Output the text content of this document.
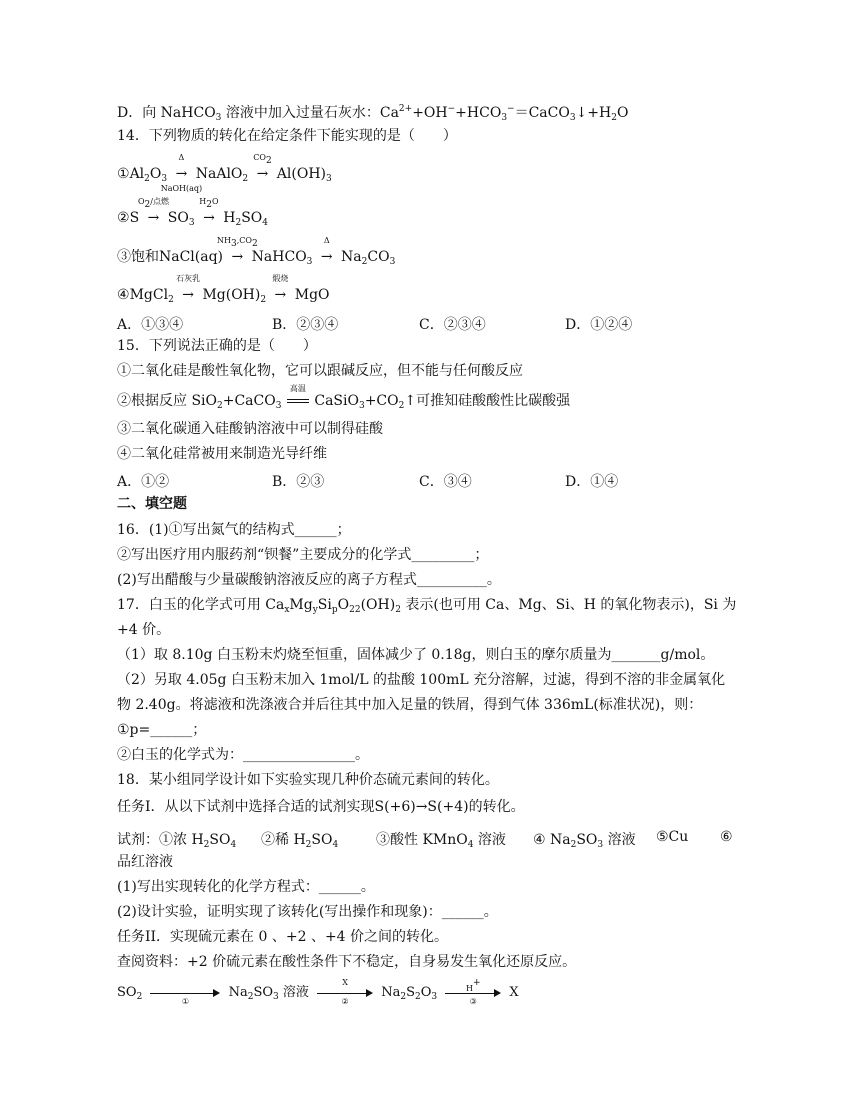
D．向 NaHCO$_3$ 溶液中加入过量石灰水：$Ca^{2+}+OH^-+HCO_3^-=CaCO_3↓+H_2O$
14．下列物质的转化在给定条件下能实现的是（　　）
$①Al_2O_3$
Δ
→
NaOH(aq)
NaAlO$_2$
$CO_2$
→ $Al(OH)_3$
②S
$O_2/$点燃
→ $SO_3$
$H_2O$
→ $H_2SO_4$
③饱和NaCl(aq)
$NH_3,CO_2$
→ NaHCO$_3$
Δ
→ $Na_2CO_3$
④MgCl$_2$
石灰乳
→ $Mg(OH)_2$
煅烧
→ MgO
A．①③④	B．②③④	C．②③④	D．①②④
15．下列说法正确的是（　　）
①二氧化硅是酸性氧化物，它可以跟碱反应，但不能与任何酸反应
②根据反应 SiO$_2$+CaCO$_3$
高温
$CaSiO_3+CO_2↑$可推知硅酸酸性比碳酸强
③二氧化碳通入硅酸钠溶液中可以制得硅酸
④二氧化硅常被用来制造光导纤维
A．①②	B．②③	C．③④	D．①④
二、填空题
16．(1)①写出氮气的结构式______；
②写出医疗用内服药剂“钡餐”主要成分的化学式_________；
(2)写出醋酸与少量碳酸钠溶液反应的离子方程式__________。
17．白玉的化学式可用 $Ca_xMg_ySi_pO_{22}(OH)_2$ 表示(也可用 Ca、Mg、Si、H 的氧化物表示)，Si 为
+4 价。
（1）取 8.10g 白玉粉末灼烧至恒重，固体减少了 0.18g，则白玉的摩尔质量为_______g/mol。
（2）另取 4.05g 白玉粉末加入 1mol/L 的盐酸 100mL 充分溶解，过滤，得到不溶的非金属氧化
物 2.40g。将滤液和洗涤液合并后往其中加入足量的铁屑，得到气体 336mL(标准状况)，则：
①p=______；
②白玉的化学式为：________________。
18．某小组同学设计如下实验实现几种价态硫元素间的转化。
任务I．从以下试剂中选择合适的试剂实现S(+6)→S(+4)的转化。
试剂： ①浓 $H_2SO_4$ ②稀 $H_2SO_4$	③酸性 KMnO$_4$ 溶液 ④ $Na_2SO_3$ 溶液 ⑤Cu ⑥
品红溶液
(1)写出实现转化的化学方程式：______。
(2)设计实验，证明实现了该转化(写出操作和现象)：______。
任务II．实现硫元素在 0 、+2 、+4 价之间的转化。
查阅资料：+2 价硫元素在酸性条件下不稳定，自身易发生氧化还原反应。
$SO_2$	①
$Na_2SO_3$ 溶液
X
②
$Na_2S_2O_3$
H+
③
X
